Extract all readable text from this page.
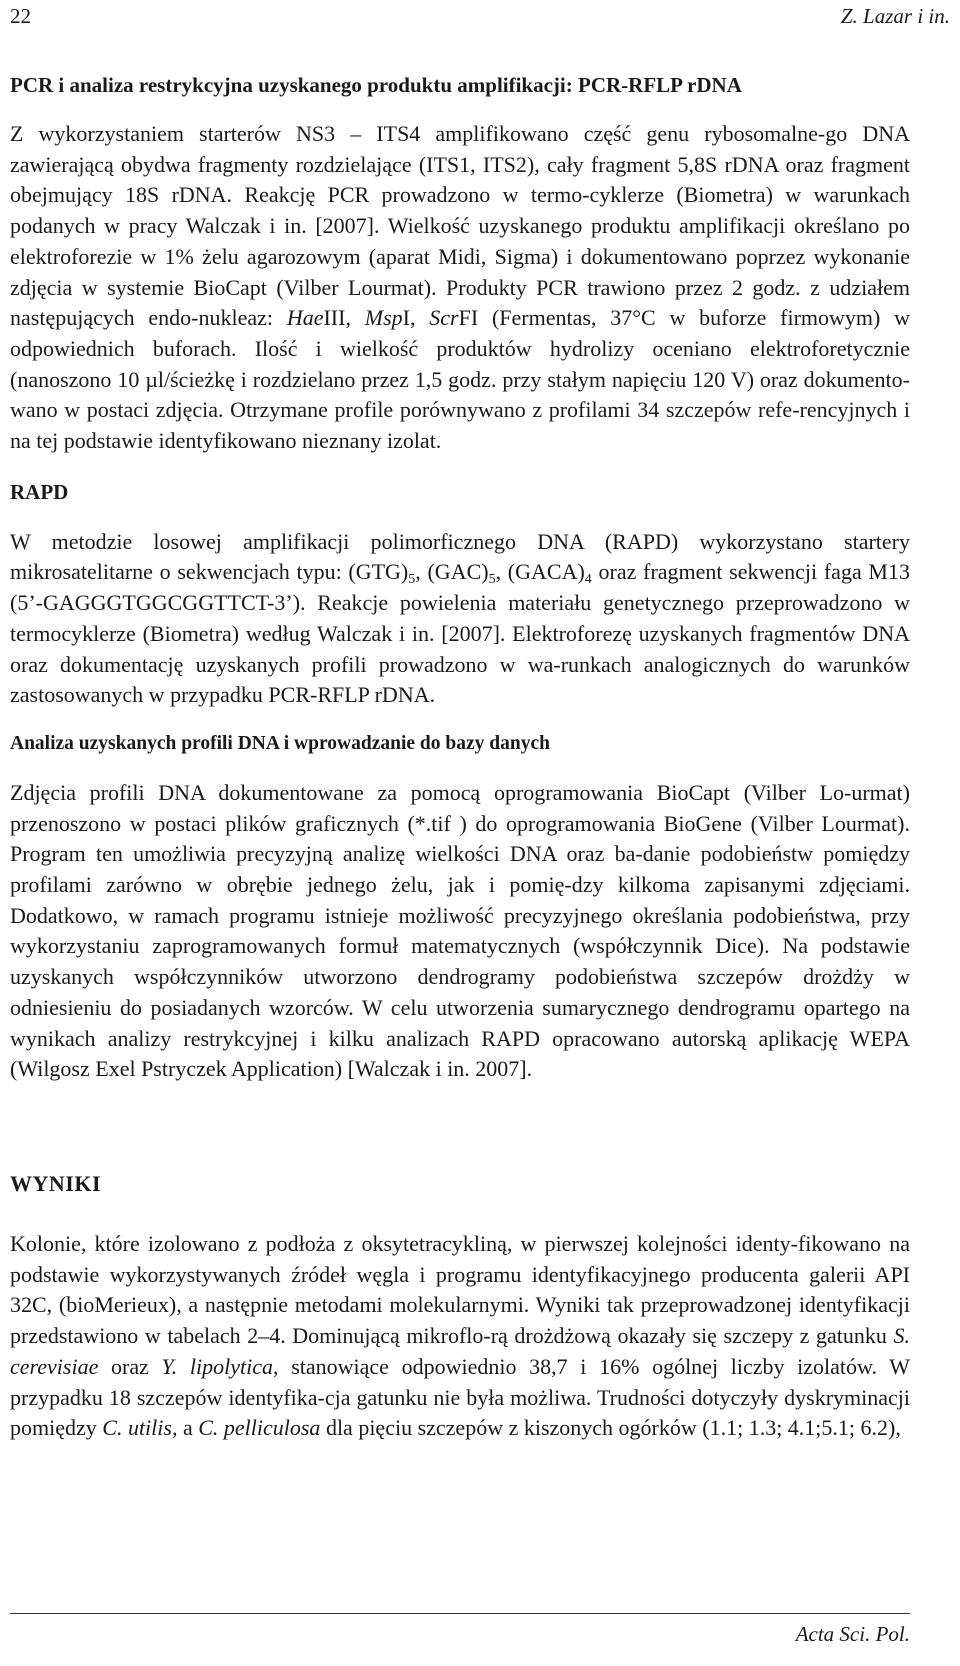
22	Z. Lazar i in.
PCR i analiza restrykcyjna uzyskanego produktu amplifikacji: PCR-RFLP rDNA

Z wykorzystaniem starterów NS3 – ITS4 amplifikowano część genu rybosomalne-go DNA zawierającą obydwa fragmenty rozdzielające (ITS1, ITS2), cały fragment 5,8S rDNA oraz fragment obejmujący 18S rDNA. Reakcję PCR prowadzono w termo-cyklerze (Biometra) w warunkach podanych w pracy Walczak i in. [2007]. Wielkość uzyskanego produktu amplifikacji określano po elektroforezie w 1% żelu agarozowym (aparat Midi, Sigma) i dokumentowano poprzez wykonanie zdjęcia w systemie BioCapt (Vilber Lourmat). Produkty PCR trawiono przez 2 godz. z udziałem następujących endo-nukleaz: HaeIII, MspI, ScrFI (Fermentas, 37°C w buforze firmowym) w odpowiednich buforach. Ilość i wielkość produktów hydrolizy oceniano elektroforetycznie (nanoszono 10 µl/ścieżkę i rozdzielano przez 1,5 godz. przy stałym napięciu 120 V) oraz dokumento-wano w postaci zdjęcia. Otrzymane profile porównywano z profilami 34 szczepów refe-rencyjnych i na tej podstawie identyfikowano nieznany izolat.

RAPD

W metodzie losowej amplifikacji polimorficznego DNA (RAPD) wykorzystano startery mikrosatelitarne o sekwencjach typu: $(GTG)_5$, $(GAC)_5$, $(GACA)_4$ oraz fragment sekwencji faga M13 (5’-GAGGGTGGCGGTTCT-3’). Reakcje powielenia materiału genetycznego przeprowadzono w termocyklerze (Biometra) według Walczak i in. [2007]. Elektroforezę uzyskanych fragmentów DNA oraz dokumentację uzyskanych profili prowadzono w wa-runkach analogicznych do warunków zastosowanych w przypadku PCR-RFLP rDNA.

Analiza uzyskanych profili DNA i wprowadzanie do bazy danych

Zdjęcia profili DNA dokumentowane za pomocą oprogramowania BioCapt (Vilber Lo-urmat) przenoszono w postaci plików graficznych (*.tif ) do oprogramowania BioGene (Vilber Lourmat). Program ten umożliwia precyzyjną analizę wielkości DNA oraz ba-danie podobieństw pomiędzy profilami zarówno w obrębie jednego żelu, jak i pomię-dzy kilkoma zapisanymi zdjęciami. Dodatkowo, w ramach programu istnieje możliwość precyzyjnego określania podobieństwa, przy wykorzystaniu zaprogramowanych formuł matematycznych (współczynnik Dice). Na podstawie uzyskanych współczynników utworzono dendrogramy podobieństwa szczepów drożdży w odniesieniu do posiadanych wzorców. W celu utworzenia sumarycznego dendrogramu opartego na wynikach analizy restrykcyjnej i kilku analizach RAPD opracowano autorską aplikację WEPA (Wilgosz Exel Pstryczek Application) [Walczak i in. 2007].

WYNIKI

Kolonie, które izolowano z podłoża z oksytetracykliną, w pierwszej kolejności identy-fikowano na podstawie wykorzystywanych źródeł węgla i programu identyfikacyjnego producenta galerii API 32C, (bioMerieux), a następnie metodami molekularnymi. Wyniki tak przeprowadzonej identyfikacji przedstawiono w tabelach 2–4. Dominującą mikroflo-rą drożdżową okazały się szczepy z gatunku S. cerevisiae oraz Y. lipolytica, stanowiące odpowiednio 38,7 i 16% ogólnej liczby izolatów. W przypadku 18 szczepów identyfika-cja gatunku nie była możliwa. Trudności dotyczyły dyskryminacji pomiędzy C. utilis, a C. pelliculosa dla pięciu szczepów z kiszonych ogórków (1.1; 1.3; 4.1;5.1; 6.2),

Acta Sci. Pol.
